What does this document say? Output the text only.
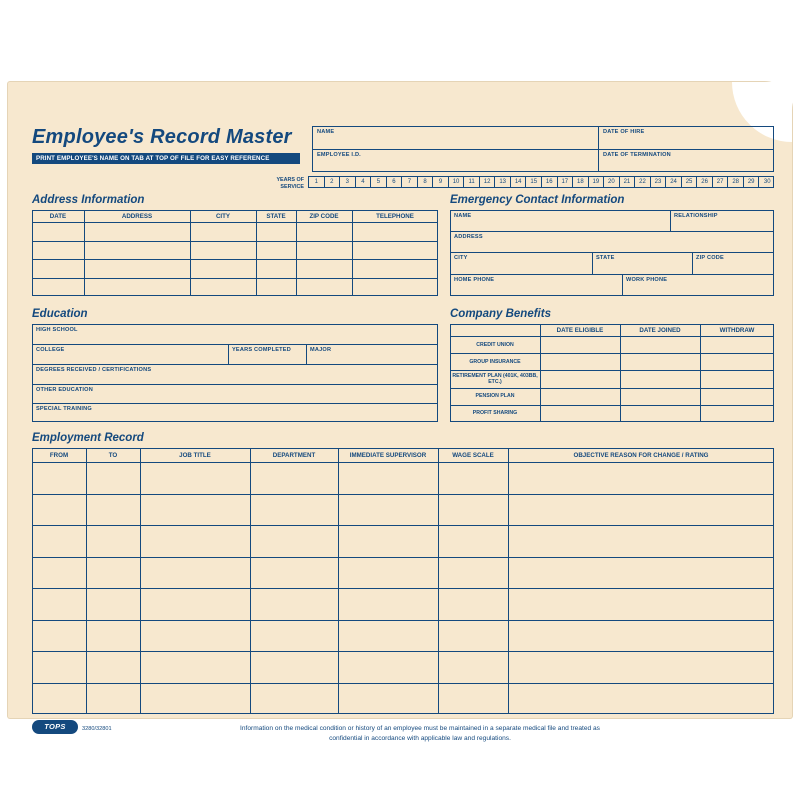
Employee's Record Master
PRINT EMPLOYEE'S NAME ON TAB AT TOP OF FILE FOR EASY REFERENCE
NAME
EMPLOYEE I.D.
DATE OF HIRE
DATE OF TERMINATION
YEARS OF
SERVICE
1	2	3	4	5	6	7	8	9	10	11	12	13	14	15	16	17	18	19	20	21	22	23	24	25	26	27	28	29	30
Address Information
DATE	ADDRESS	CITY	STATE	ZIP CODE	TELEPHONE
Emergency Contact Information
NAME	RELATIONSHIP
ADDRESS
CITY	STATE	ZIP CODE
HOME PHONE	WORK PHONE
Education
HIGH SCHOOL
COLLEGE	YEARS COMPLETED	MAJOR
DEGREES RECEIVED / CERTIFICATIONS
OTHER EDUCATION
SPECIAL TRAINING
Company Benefits
DATE ELIGIBLE	DATE JOINED	WITHDRAW
CREDIT UNION
GROUP INSURANCE
RETIREMENT PLAN (401K, 403BB, ETC.)
PENSION PLAN
PROFIT SHARING
Employment Record
FROM	TO	JOB TITLE	DEPARTMENT	IMMEDIATE SUPERVISOR	WAGE SCALE	OBJECTIVE REASON FOR CHANGE / RATING
TOPS	3280/32801	Information on the medical condition or history of an employee must be maintained in a separate medical file and treated as confidential in accordance with applicable law and regulations.
